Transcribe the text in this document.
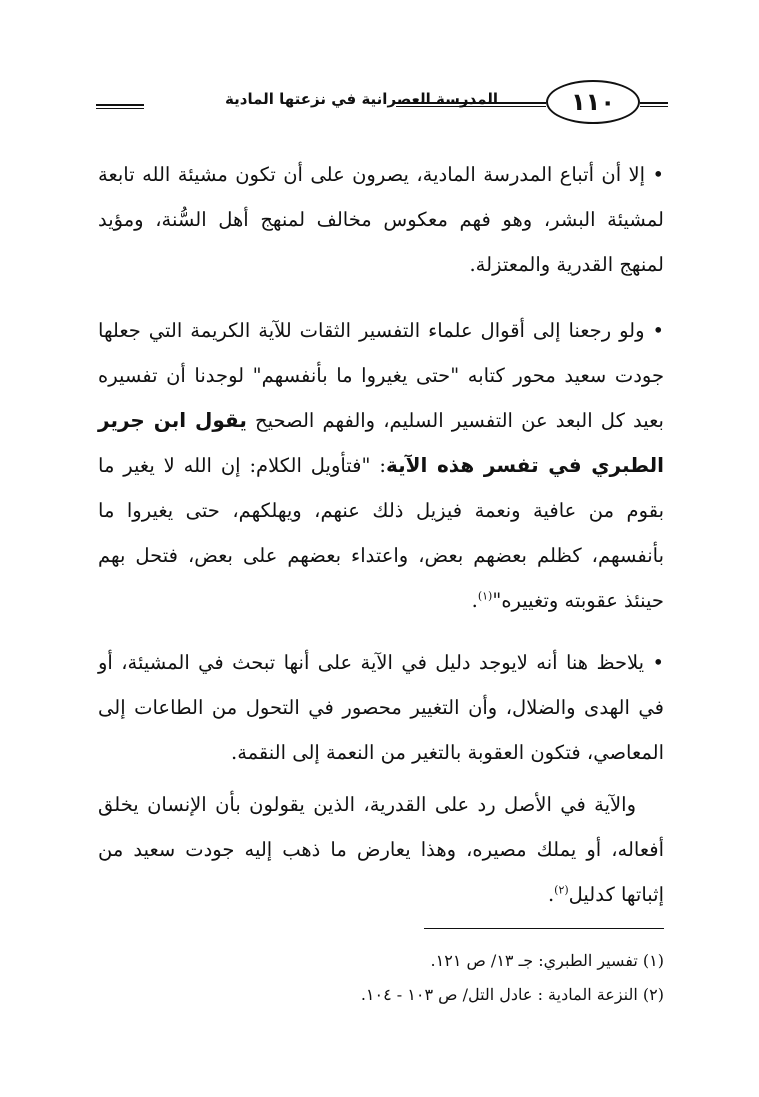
المدرسة العصرانية في نزعتها المادية	١١٠
• إلا أن أتباع المدرسة المادية، يصرون على أن تكون مشيئة الله تابعة لمشيئة البشر، وهو فهم معكوس مخالف لمنهج أهل السُّنة، ومؤيد لمنهج القدرية والمعتزلة.
• ولو رجعنا إلى أقوال علماء التفسير الثقات للآية الكريمة التي جعلها جودت سعيد محور كتابه "حتى يغيروا ما بأنفسهم" لوجدنا أن تفسيره بعيد كل البعد عن التفسير السليم، والفهم الصحيح يقول ابن جرير الطبري في تفسر هذه الآية: "فتأويل الكلام: إن الله لا يغير ما بقوم من عافية ونعمة فيزيل ذلك عنهم، ويهلكهم، حتى يغيروا ما بأنفسهم، كظلم بعضهم بعض، واعتداء بعضهم على بعض، فتحل بهم حينئذ عقوبته وتغييره"$^{(١)}$.
• يلاحظ هنا أنه لايوجد دليل في الآية على أنها تبحث في المشيئة، أو في الهدى والضلال، وأن التغيير محصور في التحول من الطاعات إلى المعاصي، فتكون العقوبة بالتغير من النعمة إلى النقمة.
والآية في الأصل رد على القدرية، الذين يقولون بأن الإنسان يخلق أفعاله، أو يملك مصيره، وهذا يعارض ما ذهب إليه جودت سعيد من إثباتها كدليل$^{(٢)}$.
(١) تفسير الطبري: جـ ١٣/ ص ١٢١.
(٢) النزعة المادية : عادل التل/ ص ١٠٣ - ١٠٤.
